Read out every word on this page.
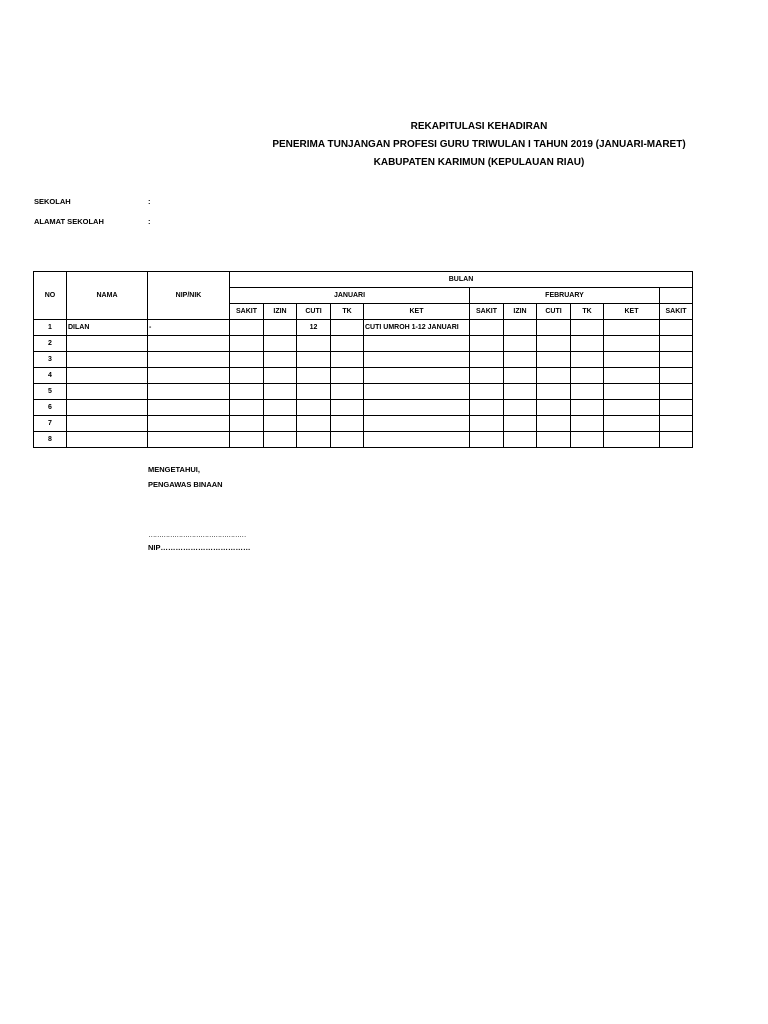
REKAPITULASI KEHADIRAN
PENERIMA TUNJANGAN PROFESI GURU TRIWULAN I TAHUN 2019 (JANUARI-MARET)
KABUPATEN KARIMUN (KEPULAUAN RIAU)
SEKOLAH	:
ALAMAT SEKOLAH	:
NO	NAMA	NIP/NIK	BULAN										
			JANUARI					FEBRUARY					
			SAKIT	IZIN	CUTI	TK	KET	SAKIT	IZIN	CUTI	TK	KET	SAKIT
1	DILAN	-			12		CUTI UMROH 1-12 JANUARI						
2													
3													
4													
5													
6													
7													
8													
MENGETAHUI,
PENGAWAS BINAAN
………………………………………
NIP………………………………
